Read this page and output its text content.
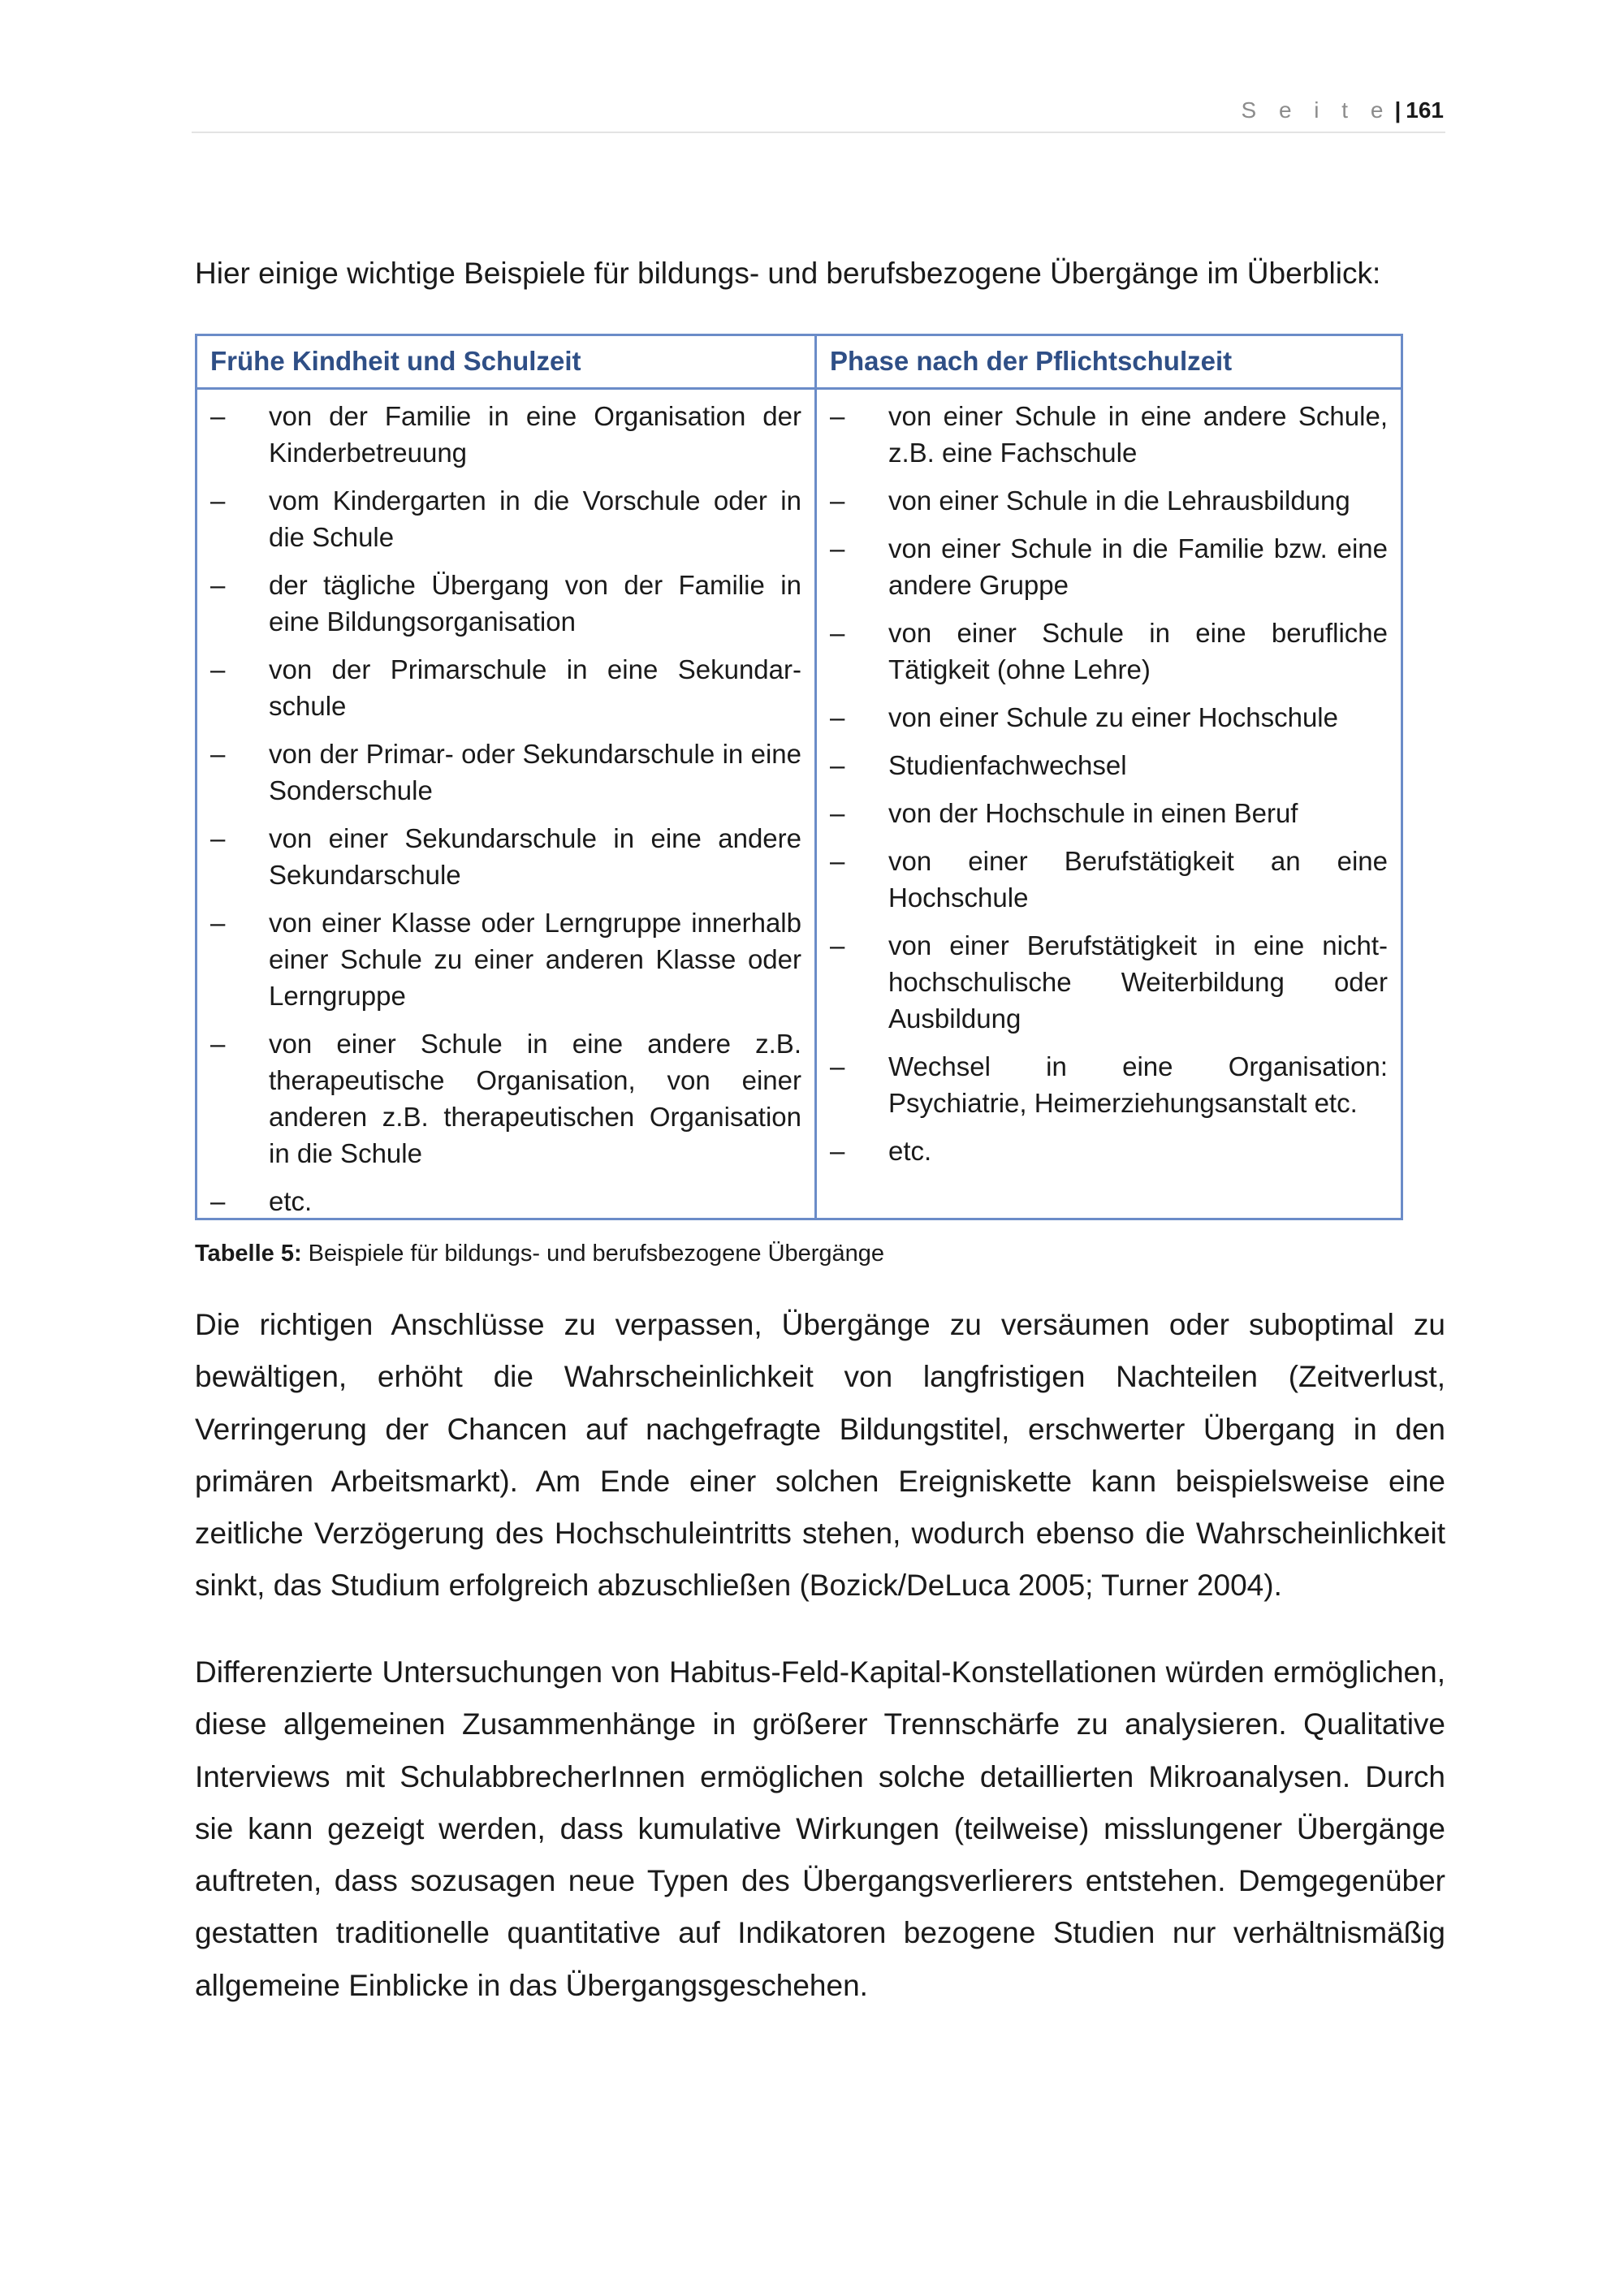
S e i t e | 161
Hier einige wichtige Beispiele für bildungs- und berufsbezogene Übergänge im Überblick:
Frühe Kindheit und Schulzeit
– von der Familie in eine Organisation der Kinderbetreuung
– vom Kindergarten in die Vorschule oder in die Schule
– der tägliche Übergang von der Familie in eine Bildungsorganisation
– von der Primarschule in eine Sekundar-schule
– von der Primar- oder Sekundarschule in eine Sonderschule
– von einer Sekundarschule in eine andere Sekundarschule
– von einer Klasse oder Lerngruppe innerhalb einer Schule zu einer anderen Klasse oder Lerngruppe
– von einer Schule in eine andere z.B. therapeutische Organisation, von einer anderen z.B. therapeutischen Organisation in die Schule
– etc.
Phase nach der Pflichtschulzeit
– von einer Schule in eine andere Schule, z.B. eine Fachschule
– von einer Schule in die Lehrausbildung
– von einer Schule in die Familie bzw. eine andere Gruppe
– von einer Schule in eine berufliche Tätigkeit (ohne Lehre)
– von einer Schule zu einer Hochschule
– Studienfachwechsel
– von der Hochschule in einen Beruf
– von einer Berufstätigkeit an eine Hochschule
– von einer Berufstätigkeit in eine nicht-hochschulische Weiterbildung oder Ausbildung
– Wechsel in eine Organisation: Psychiatrie, Heimerziehungsanstalt etc.
– etc.
Tabelle 5: Beispiele für bildungs- und berufsbezogene Übergänge
Die richtigen Anschlüsse zu verpassen, Übergänge zu versäumen oder suboptimal zu bewältigen, erhöht die Wahrscheinlichkeit von langfristigen Nachteilen (Zeitverlust, Verringerung der Chancen auf nachgefragte Bildungstitel, erschwerter Übergang in den primären Arbeitsmarkt). Am Ende einer solchen Ereigniskette kann beispielsweise eine zeitliche Verzögerung des Hochschuleintritts stehen, wodurch ebenso die Wahrscheinlichkeit sinkt, das Studium erfolgreich abzuschließen (Bozick/DeLuca 2005; Turner 2004).
Differenzierte Untersuchungen von Habitus-Feld-Kapital-Konstellationen würden ermöglichen, diese allgemeinen Zusammenhänge in größerer Trennschärfe zu analysieren. Qualitative Interviews mit SchulabbrecherInnen ermöglichen solche detaillierten Mikroanalysen. Durch sie kann gezeigt werden, dass kumulative Wirkungen (teilweise) misslungener Übergänge auftreten, dass sozusagen neue Typen des Übergangsverlierers entstehen. Demgegenüber gestatten traditionelle quantitative auf Indikatoren bezogene Studien nur verhältnismäßig allgemeine Einblicke in das Übergangsgeschehen.
